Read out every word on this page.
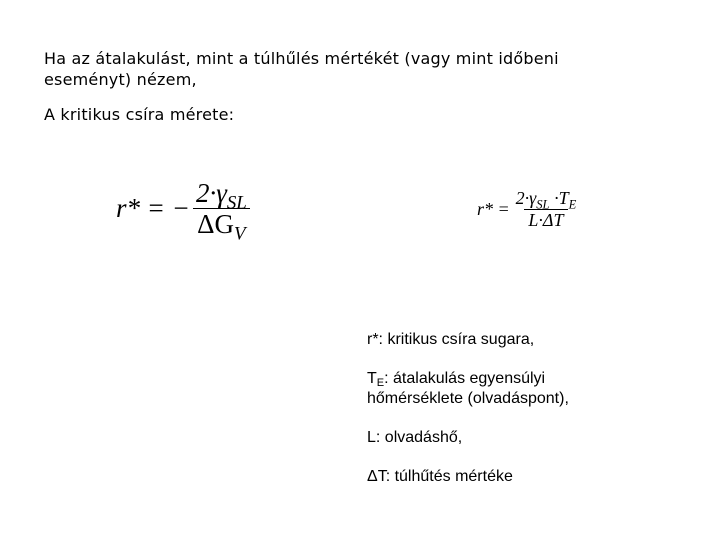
Ha az átalakulást, mint a túlhűlés mértékét (vagy mint időbeni
eseményt) nézem,
A kritikus csíra mérete:
r* = − $\frac{2\cdot\gamma_{SL}}{\Delta G_V}$	$r* = \frac{2\cdot\gamma_{SL} \cdot T_E}{L\cdot\Delta T}$

r*: kritikus csíra sugara,

TE: átalakulás egyensúlyi
hőmérséklete (olvadáspont),

L: olvadáshő,

ΔT: túlhűtés mértéke
